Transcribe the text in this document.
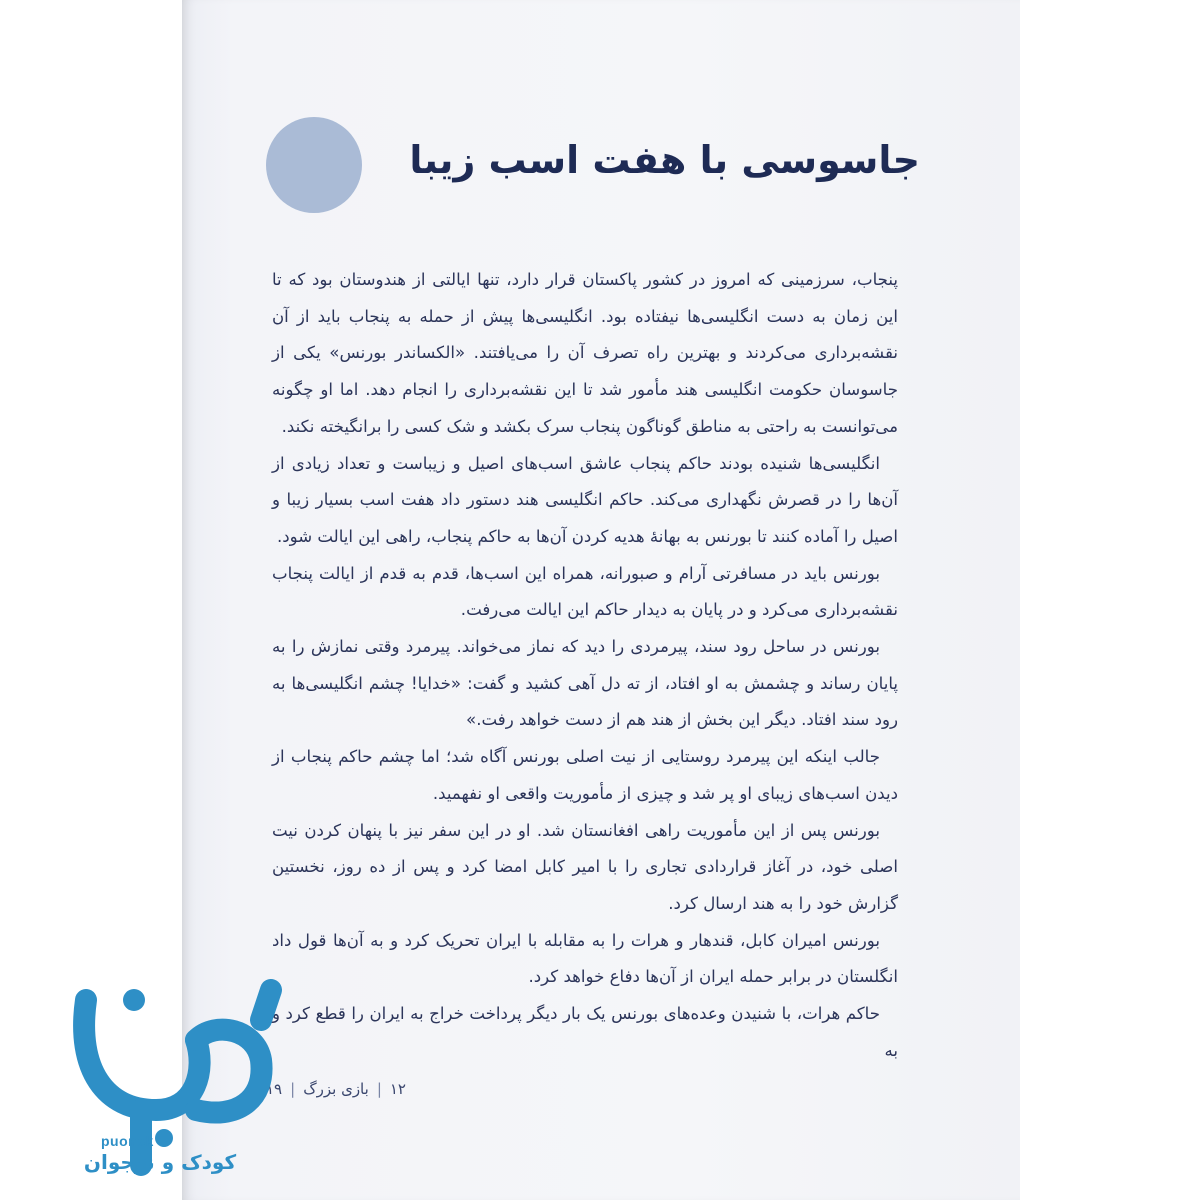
جاسوسی با هفت اسب زیبا

پنجاب، سرزمینی که امروز در کشور پاکستان قرار دارد، تنها ایالتی از هندوستان بود که تا این زمان به دست انگلیسی‌ها نیفتاده بود. انگلیسی‌ها پیش از حمله به پنجاب باید از آن نقشه‌برداری می‌کردند و بهترین راه تصرف آن را می‌یافتند. «الکساندر بورنس» یکی از جاسوسان حکومت انگلیسی هند مأمور شد تا این نقشه‌برداری را انجام دهد. اما او چگونه می‌توانست به راحتی به مناطق گوناگون پنجاب سرک بکشد و شک کسی را برانگیخته نکند.

انگلیسی‌ها شنیده بودند حاکم پنجاب عاشق اسب‌های اصیل و زیباست و تعداد زیادی از آن‌ها را در قصرش نگهداری می‌کند. حاکم انگلیسی هند دستور داد هفت اسب بسیار زیبا و اصیل را آماده کنند تا بورنس به بهانهٔ هدیه کردن آن‌ها به حاکم پنجاب، راهی این ایالت شود.

بورنس باید در مسافرتی آرام و صبورانه، همراه این اسب‌ها، قدم به قدم از ایالت پنجاب نقشه‌برداری می‌کرد و در پایان به دیدار حاکم این ایالت می‌رفت.

بورنس در ساحل رود سند، پیرمردی را دید که نماز می‌خواند. پیرمرد وقتی نمازش را به پایان رساند و چشمش به او افتاد، از ته دل آهی کشید و گفت: «خدایا! چشم انگلیسی‌ها به رود سند افتاد. دیگر این بخش از هند هم از دست خواهد رفت.»

جالب اینکه این پیرمرد روستایی از نیت اصلی بورنس آگاه شد؛ اما چشم حاکم پنجاب از دیدن اسب‌های زیبای او پر شد و چیزی از مأموریت واقعی او نفهمید.

بورنس پس از این مأموریت راهی افغانستان شد. او در این سفر نیز با پنهان کردن نیت اصلی خود، در آغاز قراردادی تجاری را با امیر کابل امضا کرد و پس از ده روز، نخستین گزارش خود را به هند ارسال کرد.

بورنس امیران کابل، قندهار و هرات را به مقابله با ایران تحریک کرد و به آن‌ها قول داد انگلستان در برابر حمله ایران از آن‌ها دفاع خواهد کرد.

حاکم هرات، با شنیدن وعده‌های بورنس یک بار دیگر پرداخت خراج به ایران را قطع کرد و به

۱۲|بازی بزرگ|۱۹
puonak
کودک و نوجوان
